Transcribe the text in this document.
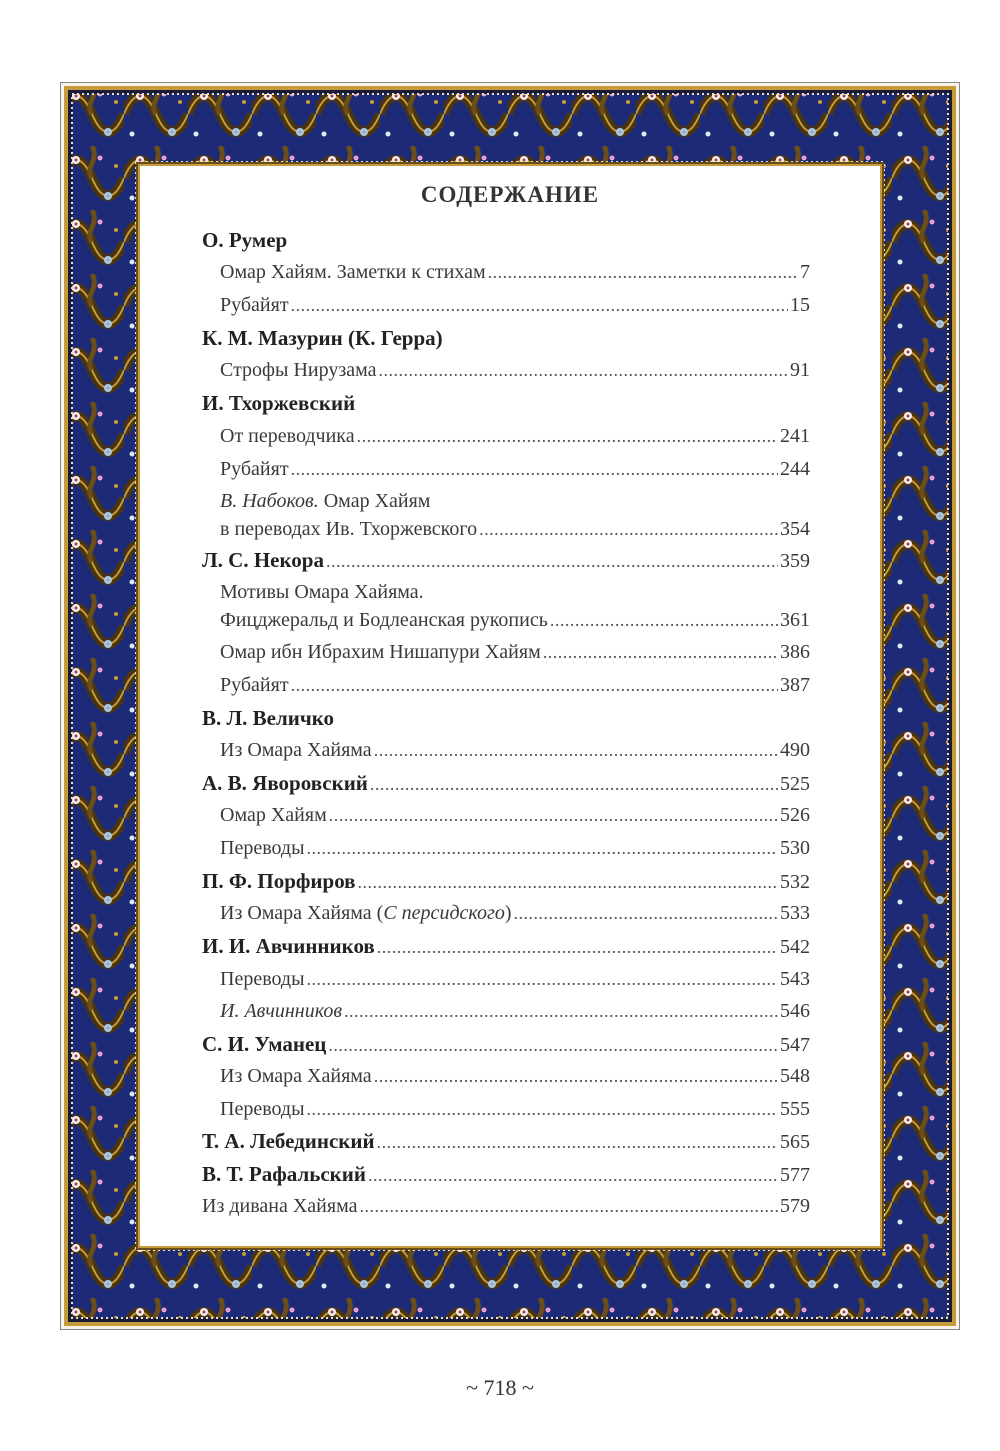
СОДЕРЖАНИЕ
О. Румер
Омар Хайям. Заметки к стихам . . .	7
Рубайят . . .	15
К. М. Мазурин (К. Герра)
Строфы Нирузама . . .	91
И. Тхоржевский
От переводчика . . .	241
Рубайят . . .	244
В. Набоков. Омар Хайям
в переводах Ив. Тхоржевского . . .	354
Л. С. Некора . . .	359
Мотивы Омара Хайяма.
Фицджеральд и Бодлеанская рукопись . . .	361
Омар ибн Ибрахим Нишапури Хайям . . .	386
Рубайят . . .	387
В. Л. Величко
Из Омара Хайяма . . .	490
А. В. Яворовский . . .	525
Омар Хайям . . .	526
Переводы . . .	530
П. Ф. Порфиров . . .	532
Из Омара Хайяма (С персидского) . . .	533
И. И. Авчинников . . .	542
Переводы . . .	543
И. Авчинников . . .	546
С. И. Уманец . . .	547
Из Омара Хайяма . . .	548
Переводы . . .	555
Т. А. Лебединский . . .	565
В. Т. Рафальский . . .	577
Из дивана Хайяма . . .	579
~ 718 ~
